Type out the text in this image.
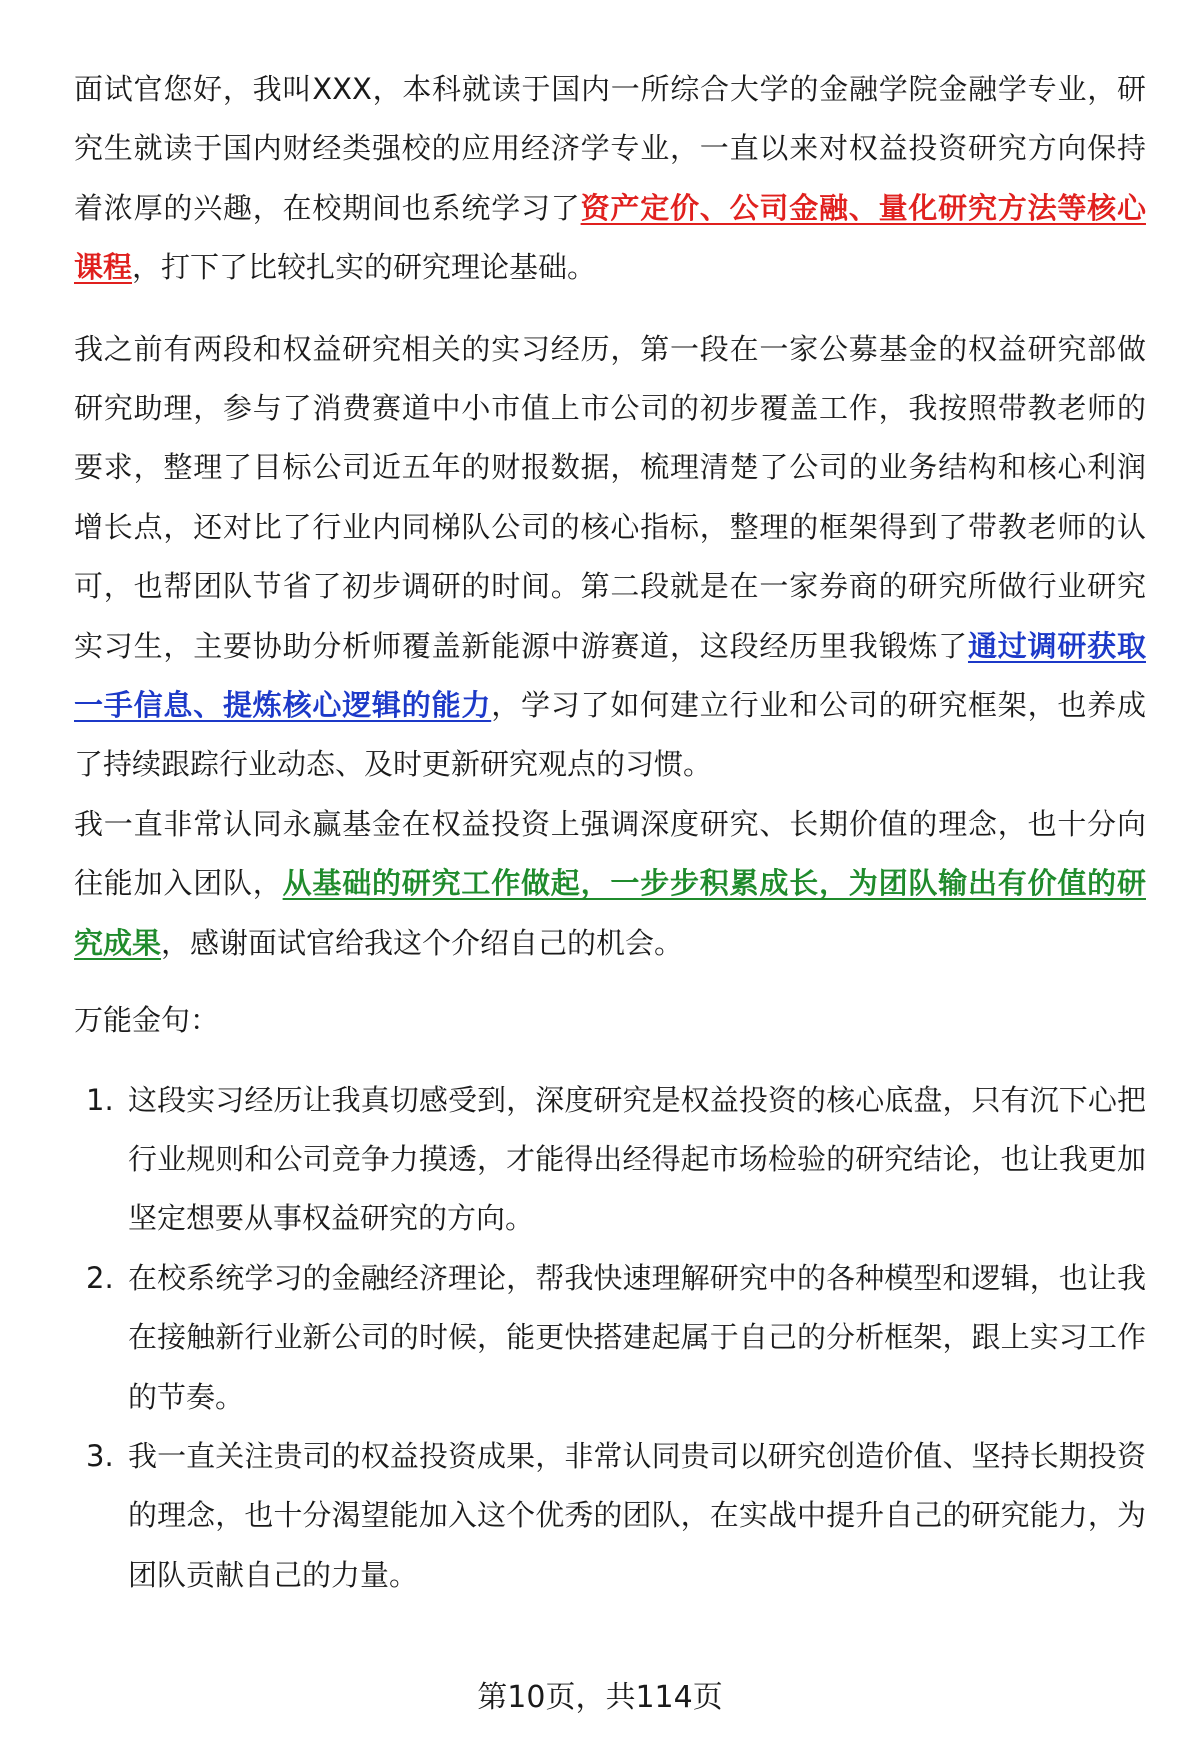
面试官您好，我叫XXX，本科就读于国内一所综合大学的金融学院金融学专业，研究生就读于国内财经类强校的应用经济学专业，一直以来对权益投资研究方向保持着浓厚的兴趣，在校期间也系统学习了资产定价、公司金融、量化研究方法等核心课程，打下了比较扎实的研究理论基础。

我之前有两段和权益研究相关的实习经历，第一段在一家公募基金的权益研究部做研究助理，参与了消费赛道中小市值上市公司的初步覆盖工作，我按照带教老师的要求，整理了目标公司近五年的财报数据，梳理清楚了公司的业务结构和核心利润增长点，还对比了行业内同梯队公司的核心指标，整理的框架得到了带教老师的认可，也帮团队节省了初步调研的时间。第二段就是在一家券商的研究所做行业研究实习生，主要协助分析师覆盖新能源中游赛道，这段经历里我锻炼了通过调研获取一手信息、提炼核心逻辑的能力，学习了如何建立行业和公司的研究框架，也养成了持续跟踪行业动态、及时更新研究观点的习惯。

我一直非常认同永赢基金在权益投资上强调深度研究、长期价值的理念，也十分向往能加入团队，从基础的研究工作做起，一步步积累成长，为团队输出有价值的研究成果，感谢面试官给我这个介绍自己的机会。

万能金句：

1. 这段实习经历让我真切感受到，深度研究是权益投资的核心底盘，只有沉下心把行业规则和公司竞争力摸透，才能得出经得起市场检验的研究结论，也让我更加坚定想要从事权益研究的方向。
2. 在校系统学习的金融经济理论，帮我快速理解研究中的各种模型和逻辑，也让我在接触新行业新公司的时候，能更快搭建起属于自己的分析框架，跟上实习工作的节奏。
3. 我一直关注贵司的权益投资成果，非常认同贵司以研究创造价值、坚持长期投资的理念，也十分渴望能加入这个优秀的团队，在实战中提升自己的研究能力，为团队贡献自己的力量。
第10页，共114页
